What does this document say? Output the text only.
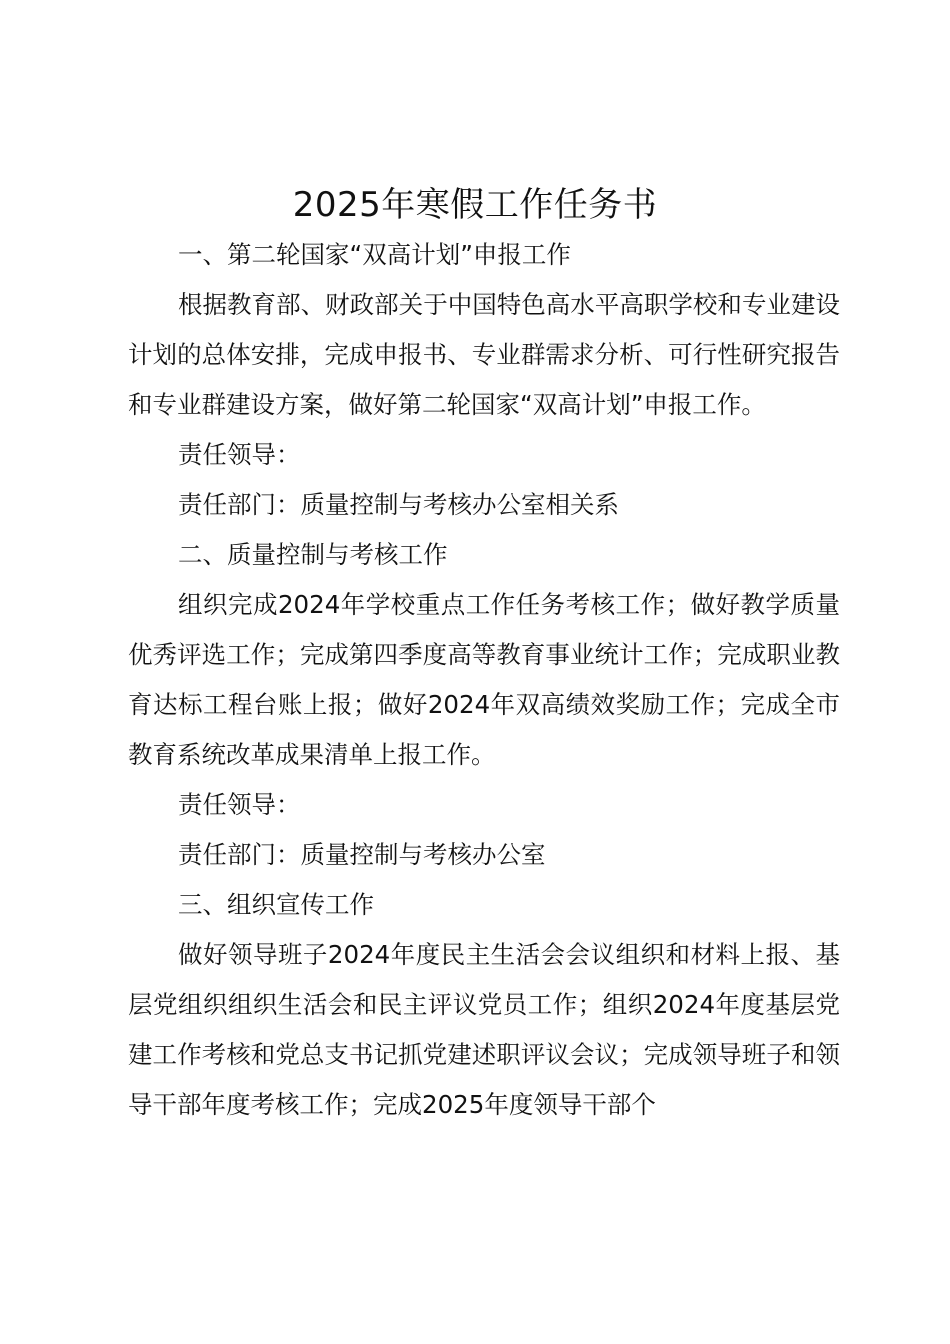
2025年寒假工作任务书

一、第二轮国家“双高计划”申报工作

根据教育部、财政部关于中国特色高水平高职学校和专业建设计划的总体安排，完成申报书、专业群需求分析、可行性研究报告和专业群建设方案，做好第二轮国家“双高计划”申报工作。

责任领导：

责任部门：质量控制与考核办公室相关系

二、质量控制与考核工作

组织完成2024年学校重点工作任务考核工作；做好教学质量优秀评选工作；完成第四季度高等教育事业统计工作；完成职业教育达标工程台账上报；做好2024年双高绩效奖励工作；完成全市教育系统改革成果清单上报工作。

责任领导：

责任部门：质量控制与考核办公室

三、组织宣传工作

做好领导班子2024年度民主生活会会议组织和材料上报、基层党组织组织生活会和民主评议党员工作；组织2024年度基层党建工作考核和党总支书记抓党建述职评议会议；完成领导班子和领导干部年度考核工作；完成2025年度领导干部个
